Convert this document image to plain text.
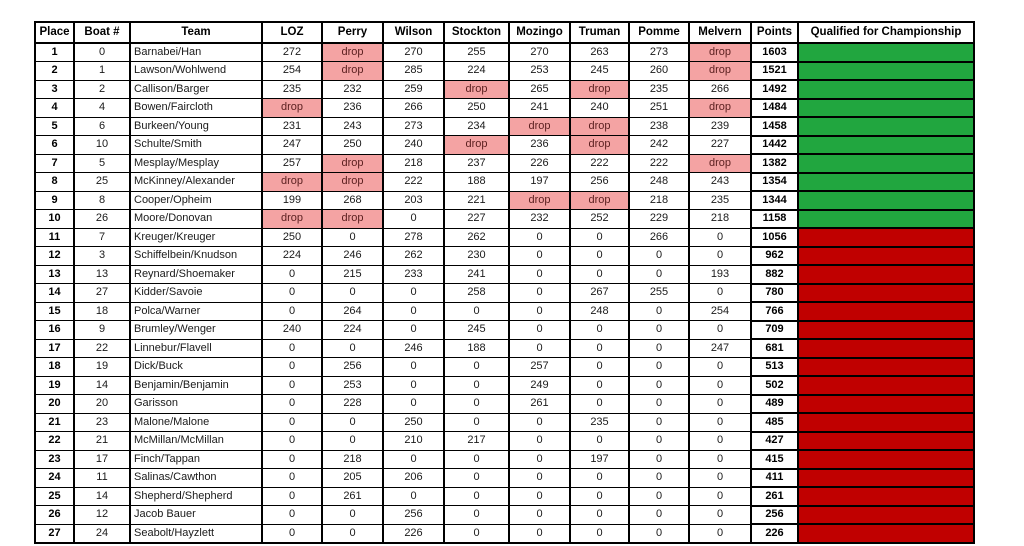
Place	Boat #	Team	LOZ	Perry	Wilson	Stockton	Mozingo	Truman	Pomme	Melvern	Points	Qualified for Championship
1	0	Barnabei/Han	272	drop	270	255	270	263	273	drop	1603	
2	1	Lawson/Wohlwend	254	drop	285	224	253	245	260	drop	1521	
3	2	Callison/Barger	235	232	259	drop	265	drop	235	266	1492	
4	4	Bowen/Faircloth	drop	236	266	250	241	240	251	drop	1484	
5	6	Burkeen/Young	231	243	273	234	drop	drop	238	239	1458	
6	10	Schulte/Smith	247	250	240	drop	236	drop	242	227	1442	
7	5	Mesplay/Mesplay	257	drop	218	237	226	222	222	drop	1382	
8	25	McKinney/Alexander	drop	drop	222	188	197	256	248	243	1354	
9	8	Cooper/Opheim	199	268	203	221	drop	drop	218	235	1344	
10	26	Moore/Donovan	drop	drop	0	227	232	252	229	218	1158	
11	7	Kreuger/Kreuger	250	0	278	262	0	0	266	0	1056	
12	3	Schiffelbein/Knudson	224	246	262	230	0	0	0	0	962	
13	13	Reynard/Shoemaker	0	215	233	241	0	0	0	193	882	
14	27	Kidder/Savoie	0	0	0	258	0	267	255	0	780	
15	18	Polca/Warner	0	264	0	0	0	248	0	254	766	
16	9	Brumley/Wenger	240	224	0	245	0	0	0	0	709	
17	22	Linnebur/Flavell	0	0	246	188	0	0	0	247	681	
18	19	Dick/Buck	0	256	0	0	257	0	0	0	513	
19	14	Benjamin/Benjamin	0	253	0	0	249	0	0	0	502	
20	20	Garisson	0	228	0	0	261	0	0	0	489	
21	23	Malone/Malone	0	0	250	0	0	235	0	0	485	
22	21	McMillan/McMillan	0	0	210	217	0	0	0	0	427	
23	17	Finch/Tappan	0	218	0	0	0	197	0	0	415	
24	11	Salinas/Cawthon	0	205	206	0	0	0	0	0	411	
25	14	Shepherd/Shepherd	0	261	0	0	0	0	0	0	261	
26	12	Jacob Bauer	0	0	256	0	0	0	0	0	256	
27	24	Seabolt/Hayzlett	0	0	226	0	0	0	0	0	226	
